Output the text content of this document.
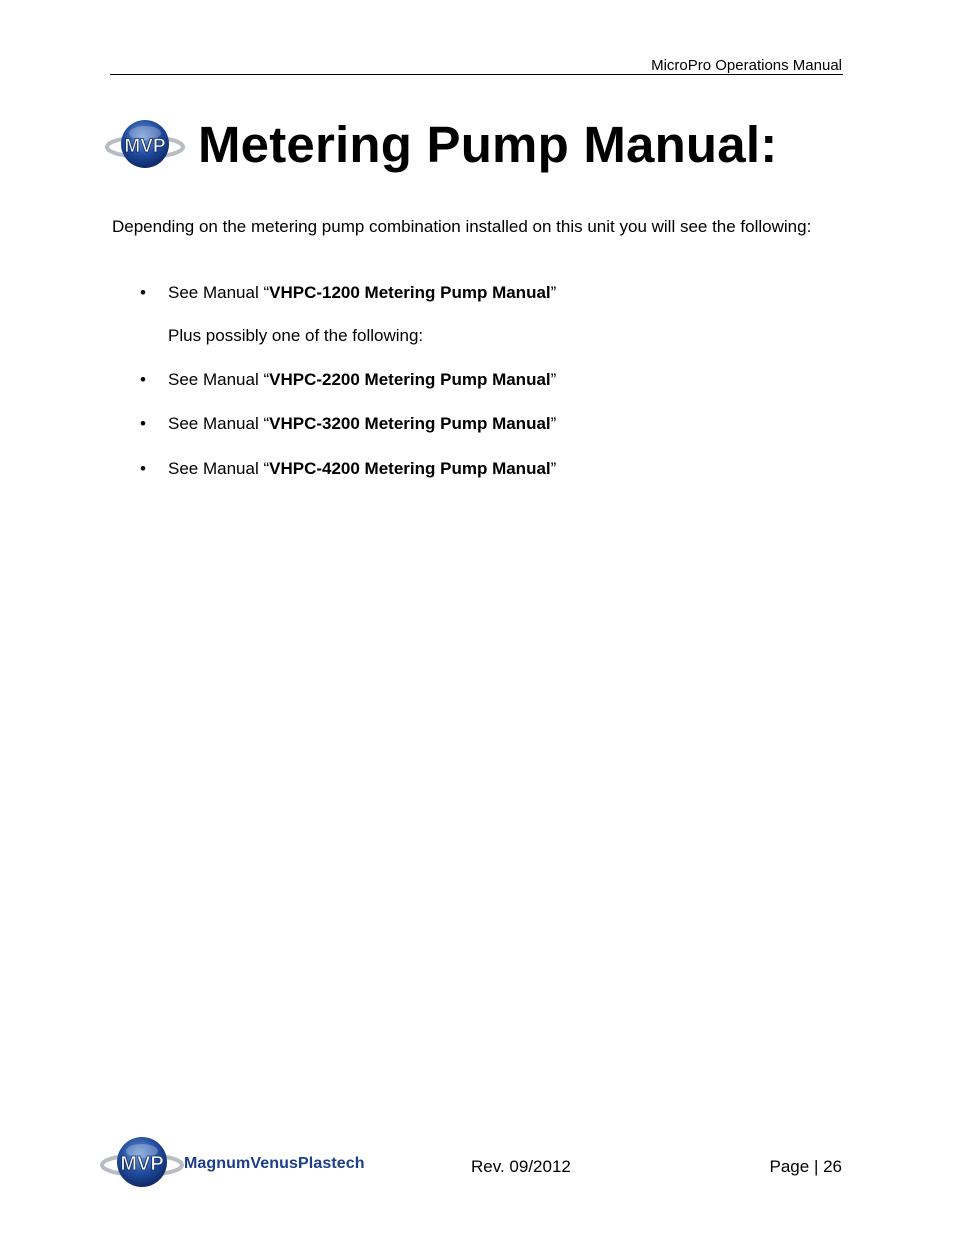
MicroPro Operations Manual
MVP Metering Pump Manual:

Depending on the metering pump combination installed on this unit you will see the following:

•	See Manual “VHPC-1200 Metering Pump Manual”
Plus possibly one of the following:
•	See Manual “VHPC-2200 Metering Pump Manual”
•	See Manual “VHPC-3200 Metering Pump Manual”
•	See Manual “VHPC-4200 Metering Pump Manual”
MVP MagnumVenusPlastech	Rev. 09/2012	Page | 26
